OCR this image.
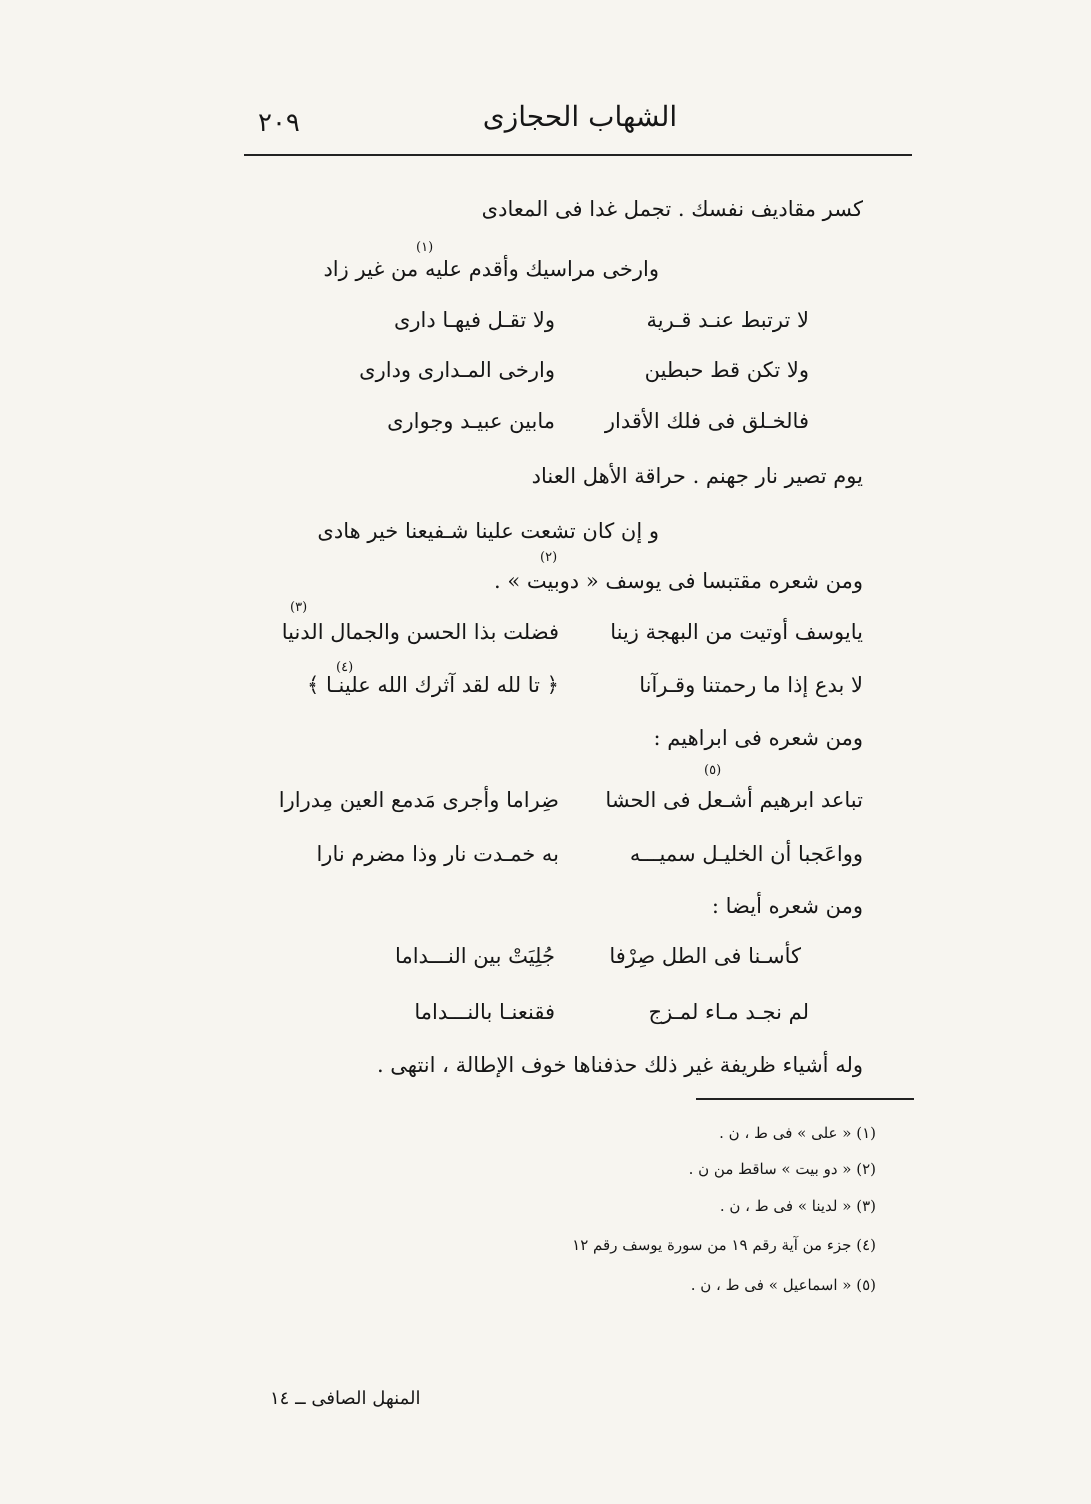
الشهاب الحجازى
٢٠٩
كسر مقاديف نفسك . تجمل غدا فى المعادى
(١)
وارخى مراسيك وأقدم عليه من غير زاد
لا ترتبط عنـد قـرية
ولا تقـل فيهـا دارى
ولا تكن قط حبطين
وارخى المـدارى ودارى
فالخـلق فى فلك الأقدار
مابين عبيـد وجوارى
يوم تصير نار جهنم . حراقة الأهل العناد
و إن كان تشعت علينا شـفيعنا خير هادى
(٢)
ومن شعره مقتبسا فى يوسف « دوبيت » .
يايوسف أوتيت من البهجة زينا
فضلت بذا الحسن والجمال الدنيا
(٣)
لا بدع إذا ما رحمتنا وقـرآنا
﴿ تا لله لقد آثرك الله علينـا ﴾
(٤)
ومن شعره فى ابراهيم :
(٥)
تباعد ابرهيم أشـعل فى الحشا
ضِراما وأجرى مَدمع العين مِدرارا
وواعَجبا أن الخليـل سميـــه
به خمـدت نار وذا مضرم نارا
ومن شعره أيضا :
كأسـنا فى الطل صِرْفا
جُلِيَتْ بين النـــداما
لم نجـد مـاء لمـزج
فقنعنـا بالنـــداما
وله أشياء ظريفة غير ذلك حذفناها خوف الإطالة ، انتهى .
(١) « على » فى ط ، ن .
(٢) « دو بيت » ساقط من ن .
(٣) « لدينا » فى ط ، ن .
(٤) جزء من آية رقم ١٩ من سورة يوسف رقم ١٢
(٥) « اسماعيل » فى ط ، ن .
المنهل الصافى ــ ١٤
